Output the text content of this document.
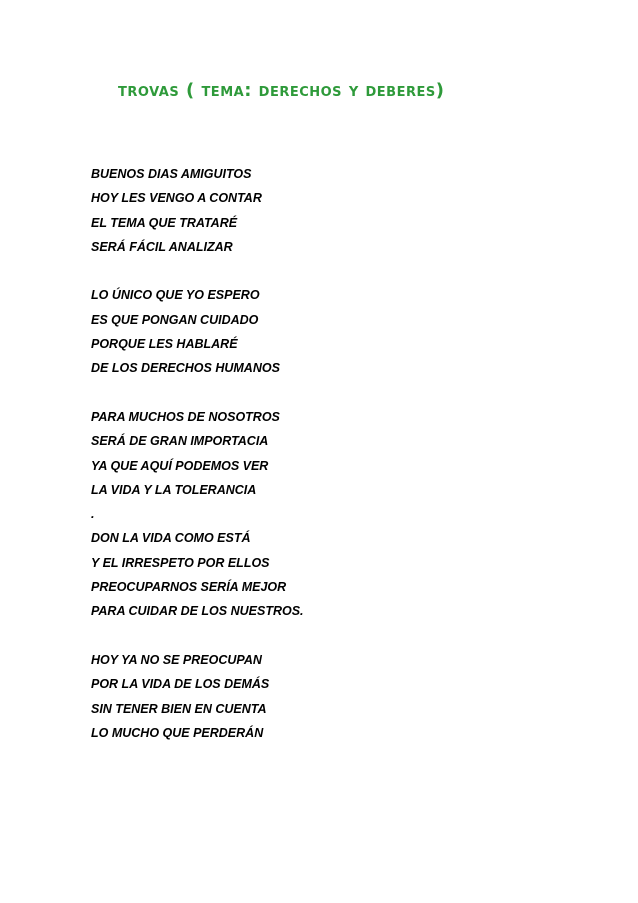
trovas ( tema: derechos y deberes)
BUENOS DIAS AMIGUITOS
HOY LES VENGO A CONTAR
EL TEMA QUE TRATARÉ
SERÁ FÁCIL ANALIZAR
LO ÚNICO QUE YO ESPERO
ES QUE PONGAN CUIDADO
PORQUE LES HABLARÉ
DE LOS DERECHOS HUMANOS
PARA MUCHOS DE NOSOTROS
SERÁ DE GRAN IMPORTACIA
YA QUE AQUÍ PODEMOS VER
LA VIDA Y LA TOLERANCIA
.
DON LA VIDA COMO ESTÁ
Y EL IRRESPETO POR ELLOS
PREOCUPARNOS SERÍA MEJOR
PARA CUIDAR DE LOS NUESTROS.
HOY YA NO SE PREOCUPAN
POR LA VIDA DE LOS DEMÁS
SIN TENER BIEN EN CUENTA
LO MUCHO QUE PERDERÁN
